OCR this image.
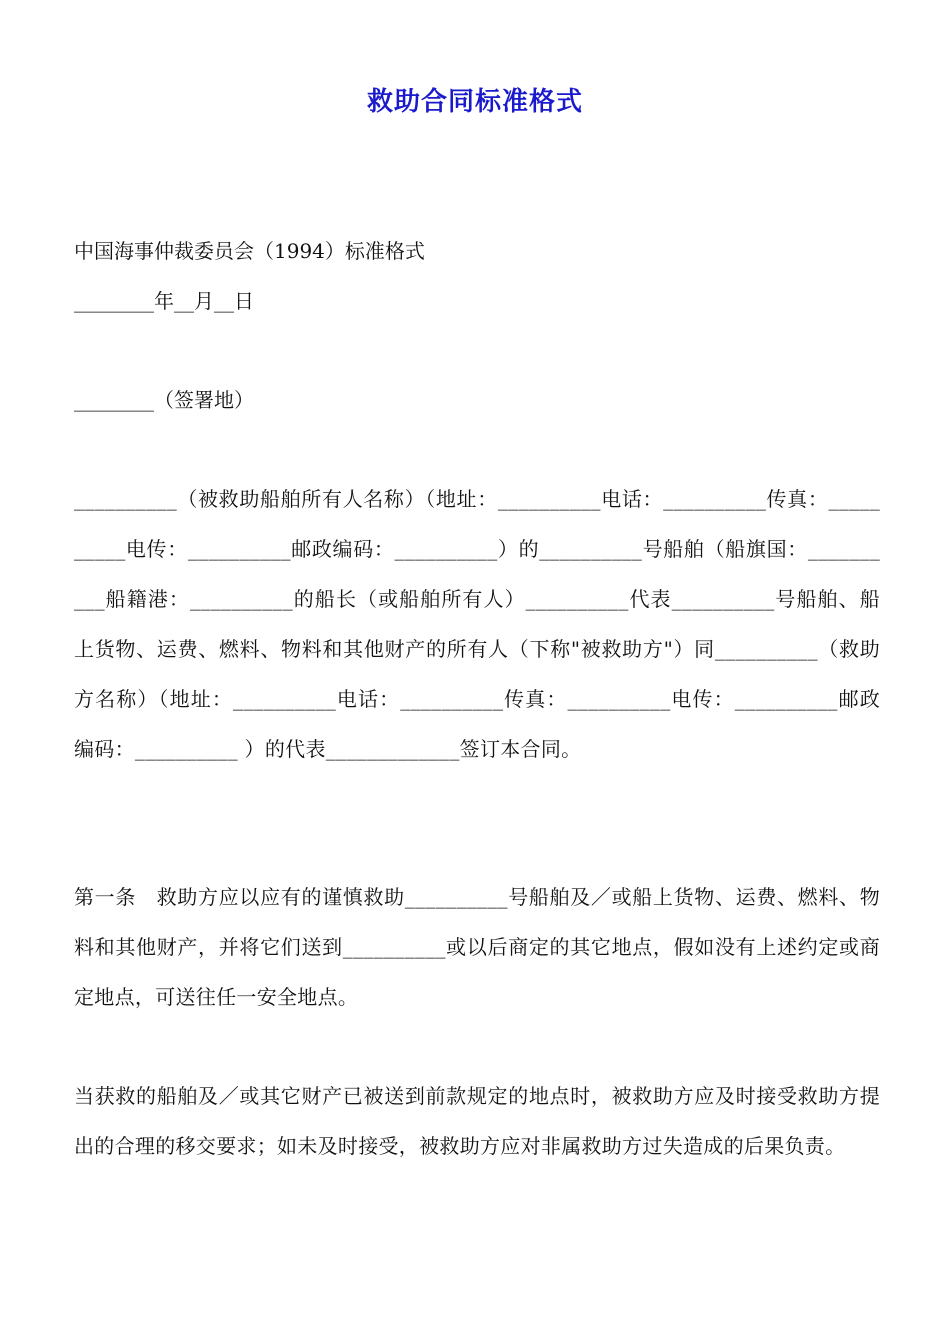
救助合同标准格式
中国海事仲裁委员会（1994）标准格式
________年__月__日
________（签署地）
__________（被救助船舶所有人名称）（地址：__________电话：__________传真：__________电传：__________邮政编码：__________）的__________号船舶（船旗国：__________船籍港：__________的船长（或船舶所有人）__________代表__________号船舶、船上货物、运费、燃料、物料和其他财产的所有人（下称"被救助方"）同__________（救助方名称）（地址：__________电话：__________传真：__________电传：__________邮政编码：__________ ）的代表_____________签订本合同。
第一条　救助方应以应有的谨慎救助__________号船舶及／或船上货物、运费、燃料、物料和其他财产，并将它们送到__________或以后商定的其它地点，假如没有上述约定或商定地点，可送往任一安全地点。
当获救的船舶及／或其它财产已被送到前款规定的地点时，被救助方应及时接受救助方提出的合理的移交要求；如未及时接受，被救助方应对非属救助方过失造成的后果负责。
